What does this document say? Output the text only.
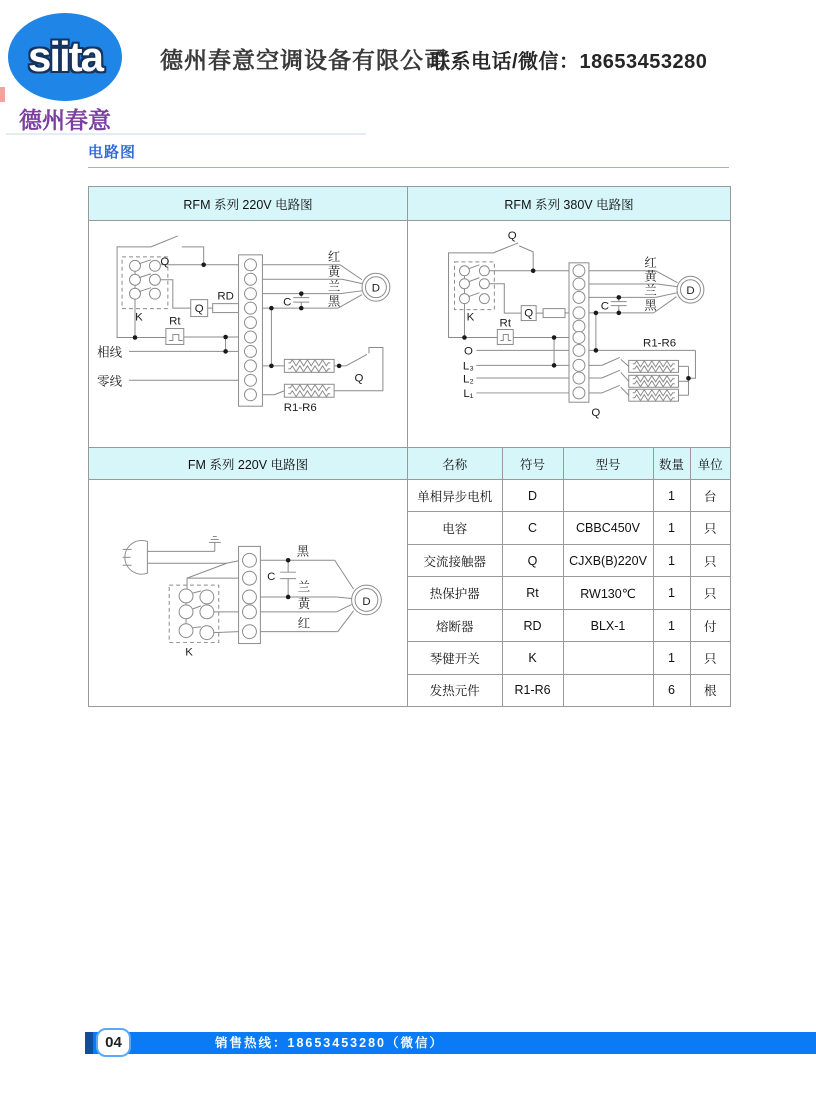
siita
德州春意
德州春意空调设备有限公司
联系电话/微信：18653453280
电路图
RFM 系列 220V 电路图
Q
K
Q
RD
Rt
相线
零线
红
黄
兰
黑
C
D
R1-R6
Q
FM 系列 220V 电路图
K
C
黑
兰
黄
红
D
RFM 系列 380V 电路图
Q
K	Q
Rt
O
L₃
L₂
L₁
红
黄
兰
黑
C
D
R1-R6
Q
名称	符号	型号	数量	单位
单相异步电机	D		1	台
电容	C	CBBC450V	1	只
交流接触器	Q	CJXB(B)220V	1	只
热保护器	Rt	RW130℃	1	只
熔断器	RD	BLX-1	1	付
琴健开关	K		1	只
发热元件	R1-R6		6	根
04	销售热线：18653453280（微信）
